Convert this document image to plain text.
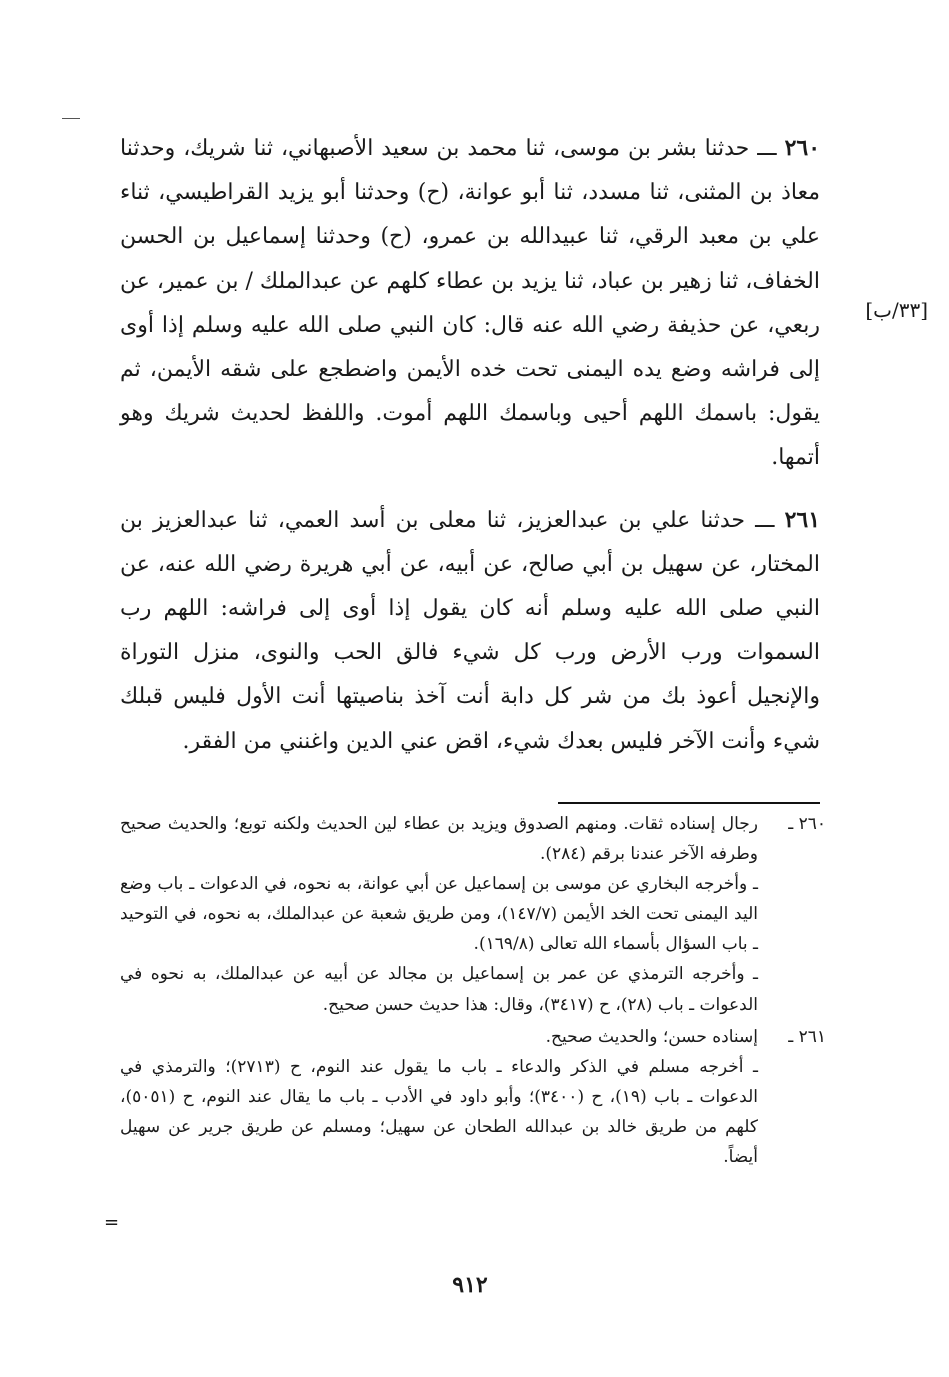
[٣٣/ب]

٢٦٠ ـــ حدثنا بشر بن موسى، ثنا محمد بن سعيد الأصبهاني، ثنا شريك، وحدثنا معاذ بن المثنى، ثنا مسدد، ثنا أبو عوانة، (ح) وحدثنا أبو يزيد القراطيسي، ثناء علي بن معبد الرقي، ثنا عبيدالله بن عمرو، (ح) وحدثنا إسماعيل بن الحسن الخفاف، ثنا زهير بن عباد، ثنا يزيد بن عطاء كلهم عن عبدالملك / بن عمير، عن ربعي، عن حذيفة رضي الله عنه قال: كان النبي صلى الله عليه وسلم إذا أوى إلى فراشه وضع يده اليمنى تحت خده الأيمن واضطجع على شقه الأيمن، ثم يقول: باسمك اللهم أحيى وباسمك اللهم أموت. واللفظ لحديث شريك وهو أتمها.

٢٦١ ـــ حدثنا علي بن عبدالعزيز، ثنا معلى بن أسد العمي، ثنا عبدالعزيز بن المختار، عن سهيل بن أبي صالح، عن أبيه، عن أبي هريرة رضي الله عنه، عن النبي صلى الله عليه وسلم أنه كان يقول إذا أوى إلى فراشه: اللهم رب السموات ورب الأرض ورب كل شيء فالق الحب والنوى، منزل التوراة والإنجيل أعوذ بك من شر كل دابة أنت آخذ بناصيتها أنت الأول فليس قبلك شيء وأنت الآخر فليس بعدك شيء، اقض عني الدين واغنني من الفقر.

٢٦٠ ـ

رجال إسناده ثقات. ومنهم الصدوق ويزيد بن عطاء لين الحديث ولكنه توبع؛ والحديث صحيح وطرفه الآخر عندنا برقم (٢٨٤).

ـ وأخرجه البخاري عن موسى بن إسماعيل عن أبي عوانة، به نحوه، في الدعوات ـ باب وضع اليد اليمنى تحت الخد الأيمن (١٤٧/٧)، ومن طريق شعبة عن عبدالملك، به نحوه، في التوحيد ـ باب السؤال بأسماء الله تعالى (١٦٩/٨).

ـ وأخرجه الترمذي عن عمر بن إسماعيل بن مجالد عن أبيه عن عبدالملك، به نحوه في الدعوات ـ باب (٢٨)، ح (٣٤١٧)، وقال: هذا حديث حسن صحيح.

٢٦١ ـ

إسناده حسن؛ والحديث صحيح.

ـ أخرجه مسلم في الذكر والدعاء ـ باب ما يقول عند النوم، ح (٢٧١٣)؛ والترمذي في الدعوات ـ باب (١٩)، ح (٣٤٠٠)؛ وأبو داود في الأدب ـ باب ما يقال عند النوم، ح (٥٠٥١)، كلهم من طريق خالد بن عبدالله الطحان عن سهيل؛ ومسلم عن طريق جرير عن سهيل أيضاً.

=
٩١٢
